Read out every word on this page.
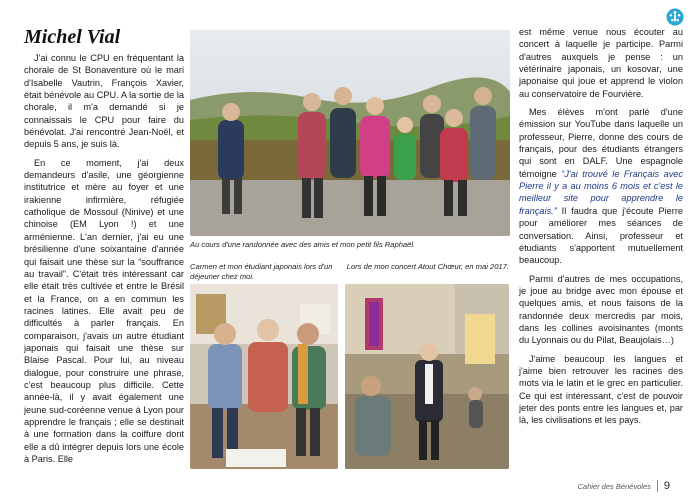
Michel Vial

J'ai connu le CPU en fréquentant la chorale de St Bonaventure où le mari d'Isabelle Vautrin, François Xavier, était bénévole au CPU. A la sortie de la chorale, il m'a demandé si je connaissais le CPU pour faire du bénévolat. J'ai rencontré Jean-Noël, et depuis 5 ans, je suis là.

En ce moment, j'ai deux demandeurs d'asile, une géorgienne institutrice et mère au foyer et une irakienne infirmière, réfugiée catholique de Mossoul (Ninive) et une chinoise (EM Lyon !) et une arménienne. L'an dernier, j'ai eu une brésilienne d'une soixantaine d'année qui faisait une thèse sur la “souffrance au travail”. C'était très intéressant car elle était très cultivée et entre le Brésil et la France, on a en commun les racines latines. Elle avait peu de difficultés à parler français. En comparaison, j'avais un autre étudiant japonais qui faisait une thèse sur Blaise Pascal. Pour lui, au niveau dialogue, pour construire une phrase, c'est beaucoup plus difficile. Cette année-là, il y avait également une jeune sud-coréenne venue à Lyon pour apprendre le français ; elle se destinait à une formation dans la coiffure dont elle a dû intégrer depuis lors une école à Paris. Elle

Au cours d'une randonnée avec des amis et mon petit fils Raphaël.
Carmen et mon étudiant japonais lors d'un déjeuner chez moi.
Lors de mon concert Atout Chœur, en mai 2017.

est même venue nous écouter au concert à laquelle je participe. Parmi d'autres auxquels je pense : un vétérinaire japonais, un kosovar, une japonaise qui joue et apprend le violon au conservatoire de Fourvière.

Mes élèves m'ont parlé d'une émission sur YouTube dans laquelle un professeur, Pierre, donne des cours de français, pour des étudiants étrangers qui sont en DALF. Une espagnole témoigne “J'ai trouvé le Français avec Pierre il y a au moins 6 mois et c'est le meilleur site pour apprendre le français.” Il faudra que j'écoute Pierre pour améliorer mes séances de conversation. Ainsi, professeur et étudiants s'apportent mutuellement beaucoup.

Parmi d'autres de mes occupations, je joue au bridge avec mon épouse et quelques amis, et nous faisons de la randonnée deux mercredis par mois, dans les collines avoisinantes (monts du Lyonnais ou du Pilat, Beaujolais…)

J'aime beaucoup les langues et j'aime bien retrouver les racines des mots via le latin et le grec en particulier. Ce qui est intéressant, c'est de pouvoir jeter des ponts entre les langues et, par là, les civilisations et les pays.

Cahier des Bénévoles 9
